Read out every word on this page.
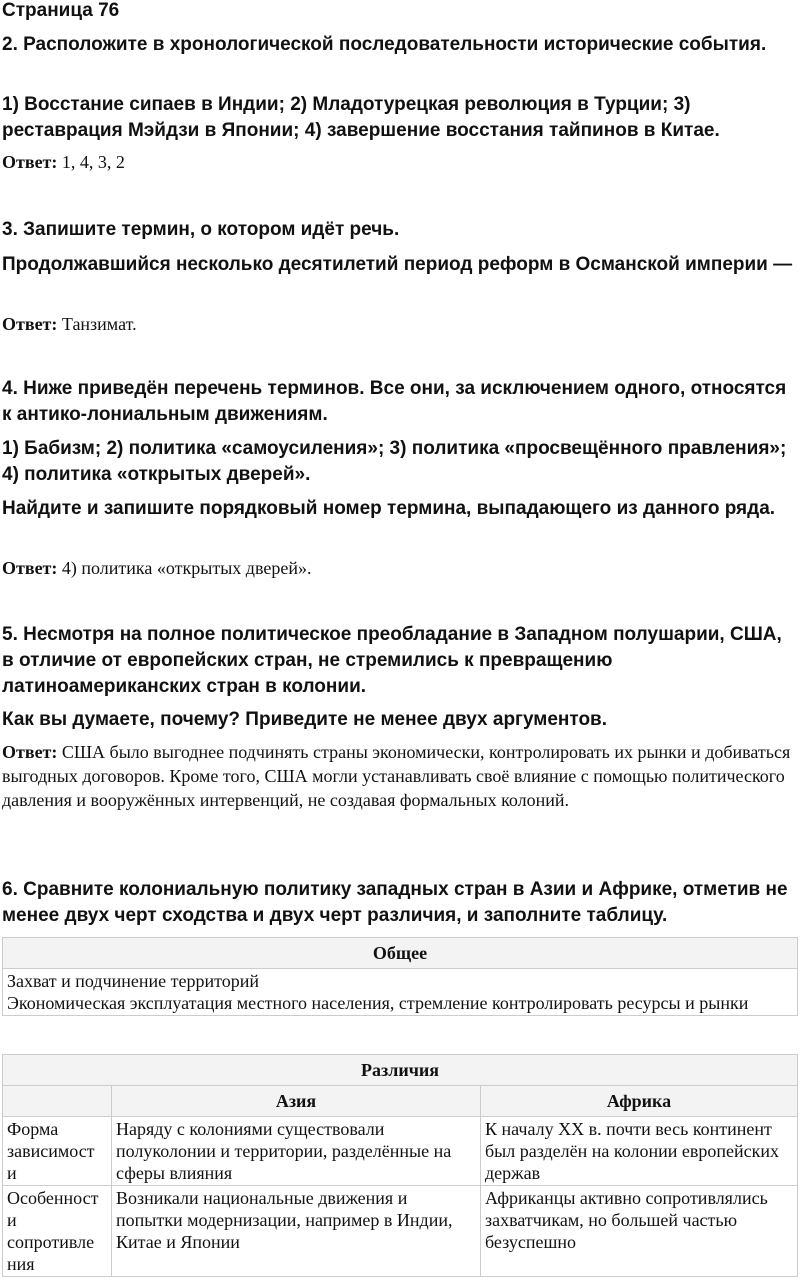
Страница 76

2. Расположите в хронологической последовательности исторические события.

1) Восстание сипаев в Индии; 2) Младотурецкая революция в Турции; 3) реставрация Мэйдзи в Японии; 4) завершение восстания тайпинов в Китае.

Ответ: 1, 4, 3, 2

3. Запишите термин, о котором идёт речь.

Продолжавшийся несколько десятилетий период реформ в Османской империи —

Ответ: Танзимат.

4. Ниже приведён перечень терминов. Все они, за исключением одного, относятся к антико-лониальным движениям.

1) Бабизм; 2) политика «самоусиления»; 3) политика «просвещённого правления»; 4) политика «открытых дверей».

Найдите и запишите порядковый номер термина, выпадающего из данного ряда.

Ответ: 4) политика «открытых дверей».

5. Несмотря на полное политическое преобладание в Западном полушарии, США, в отличие от европейских стран, не стремились к превращению латиноамериканских стран в колонии.

Как вы думаете, почему? Приведите не менее двух аргументов.

Ответ: США было выгоднее подчинять страны экономически, контролировать их рынки и добиваться выгодных договоров. Кроме того, США могли устанавливать своё влияние с помощью политического давления и вооружённых интервенций, не создавая формальных колоний.

6. Сравните колониальную политику западных стран в Азии и Африке, отметив не менее двух черт сходства и двух черт различия, и заполните таблицу.

Общее

Захват и подчинение территорий
Экономическая эксплуатация местного населения, стремление контролировать ресурсы и рынки
Различия		
	Азия	Африка
Форма зависимост и	Наряду с колониями существовали полуколонии и территории, разделённые на сферы влияния	К началу XX в. почти весь континент был разделён на колонии европейских держав
Особенност и сопротивле ния	Возникали национальные движения и попытки модернизации, например в Индии, Китае и Японии	Африканцы активно сопротивлялись захватчикам, но большей частью безуспешно
